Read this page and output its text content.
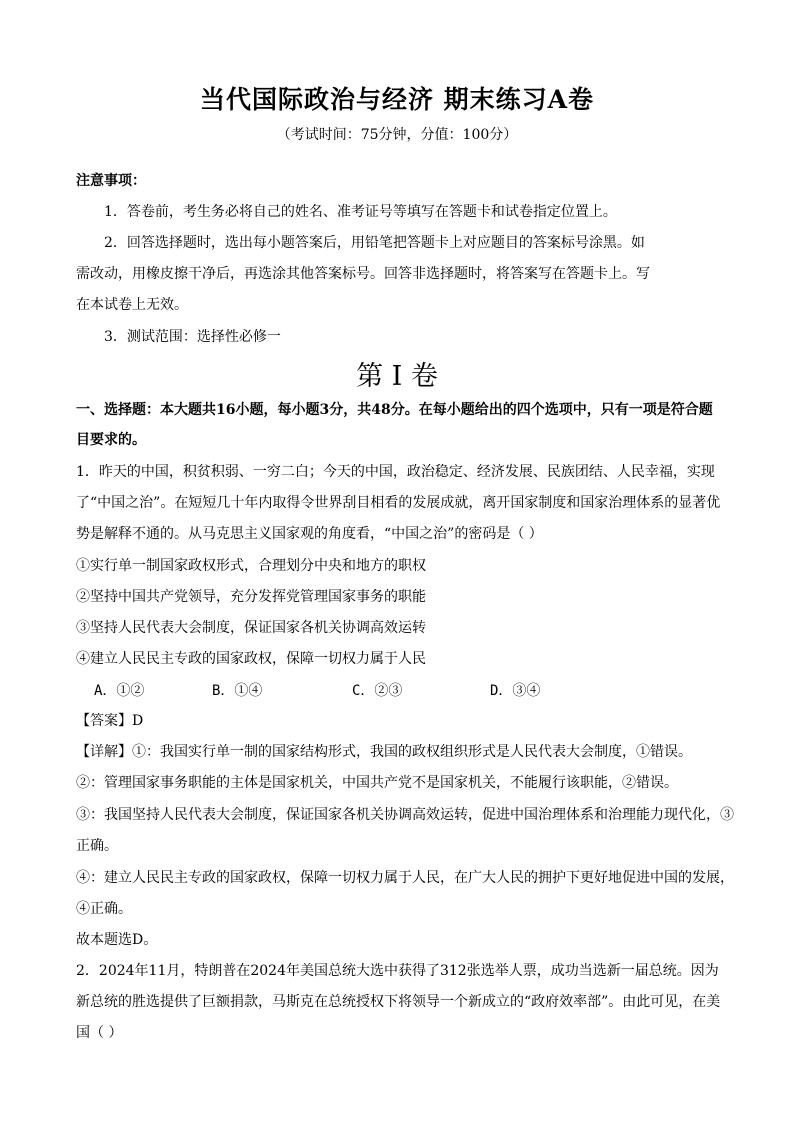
当代国际政治与经济 期末练习A卷
（考试时间：75分钟，分值：100分）
注意事项：
1．答卷前，考生务必将自己的姓名、准考证号等填写在答题卡和试卷指定位置上。
2．回答选择题时，选出每小题答案后，用铅笔把答题卡上对应题目的答案标号涂黑。如
需改动，用橡皮擦干净后，再选涂其他答案标号。回答非选择题时，将答案写在答题卡上。写
在本试卷上无效。
3．测试范围：选择性必修一
第 I 卷
一、选择题：本大题共16小题，每小题3分，共48分。在每小题给出的四个选项中，只有一项是符合题
目要求的。
1．昨天的中国，积贫积弱、一穷二白；今天的中国，政治稳定、经济发展、民族团结、人民幸福，实现
了“中国之治”。在短短几十年内取得令世界刮目相看的发展成就，离开国家制度和国家治理体系的显著优
势是解释不通的。从马克思主义国家观的角度看，“中国之治”的密码是（ ）
①实行单一制国家政权形式，合理划分中央和地方的职权
②坚持中国共产党领导，充分发挥党管理国家事务的职能
③坚持人民代表大会制度，保证国家各机关协调高效运转
④建立人民民主专政的国家政权，保障一切权力属于人民
A．①②	B．①④	C．②③	D．③④
【答案】D
【详解】①：我国实行单一制的国家结构形式，我国的政权组织形式是人民代表大会制度，①错误。
②：管理国家事务职能的主体是国家机关，中国共产党不是国家机关，不能履行该职能，②错误。
③：我国坚持人民代表大会制度，保证国家各机关协调高效运转，促进中国治理体系和治理能力现代化，③
正确。
④：建立人民民主专政的国家政权，保障一切权力属于人民，在广大人民的拥护下更好地促进中国的发展，
④正确。
故本题选D。
2．2024年11月，特朗普在2024年美国总统大选中获得了312张选举人票，成功当选新一届总统。因为
新总统的胜选提供了巨额捐款，马斯克在总统授权下将领导一个新成立的“政府效率部”。由此可见，在美
国（ ）
